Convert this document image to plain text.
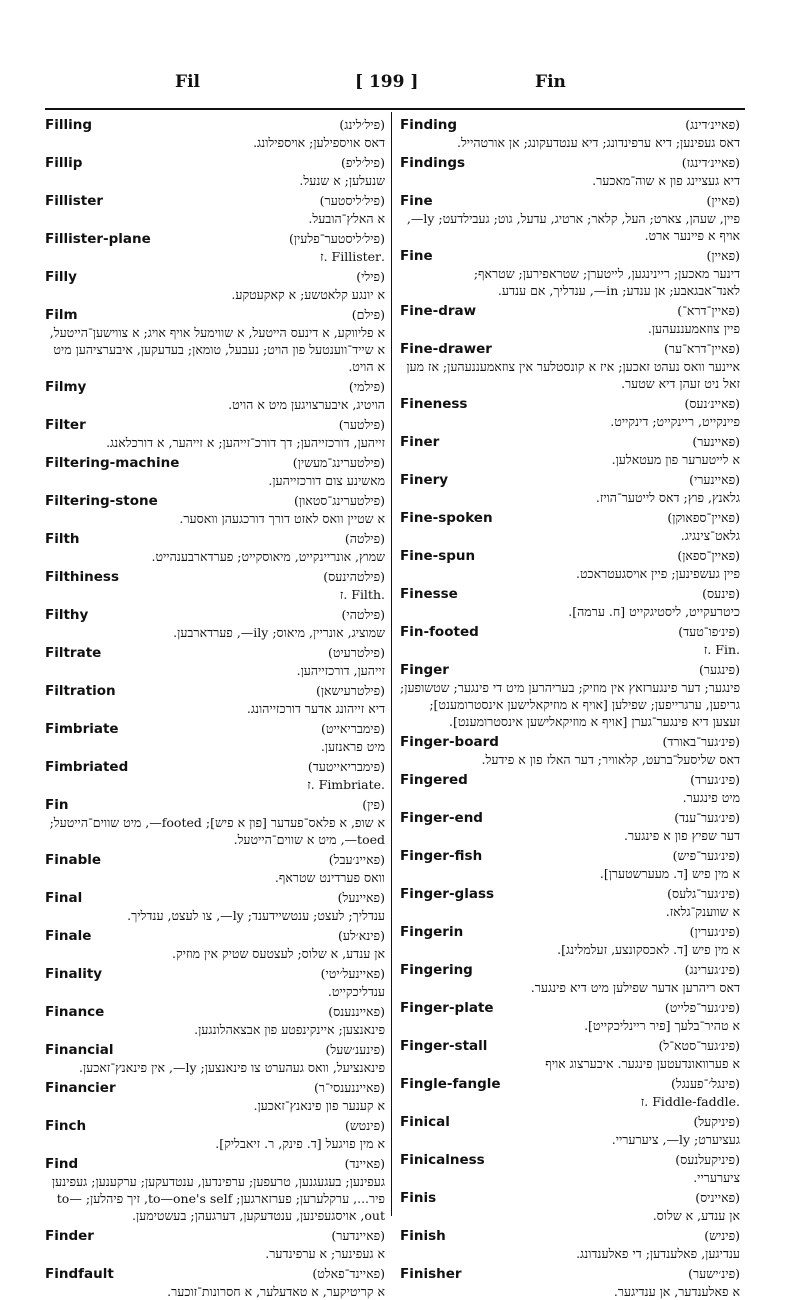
Fil	[ 199 ]	Fin
Filling	(פיל׳לינג)
דאס אויספילען; אויספילונג.
Fillip	(פיל׳ליפ)
שנעלען; א שנעל.
Fillister	(פיל׳ליסטער)
א האלץ־הובעל.
Fillister-plane	(פיל׳ליסטער־פלעין)
.Fillister .ז
Filly	(פילי)
א יונגע קלאטשע; א קאקעטקע.
Film	(פילם)
א פליווקע, א דינעס הייטעל, א שווימעל אויף אויג; א צווישען־הייטעל, א שייד־ווענטעל פון הויט; נעבעל, טומאן; בעדעקען, איבערציהען מיט א הויט.
Filmy	(פילמי)
הויטיג, איבערצויגען מיט א הויט.
Filter	(פילטער)
זייהען, דורכזייהען; דך דורכ־זייהען; א זייהער, א דורכלאנג.
Filtering-machine	(פילטערינג־מעשין)
מאשינע צום דורכזייהען.
Filtering-stone	(פילטערינג־סטאון)
א שטיין וואס לאזט דורך דורכגעהן וואסער.
Filth	(פילטה)
שמוץ, אונריינקייט, מיאוסקייט; פערדארבענהייט.
Filthiness	(פילטהינעס)
.Filth .ז
Filthy	(פילטהי)
שמוציג, אונריין, מיאוס; ily—, פערדארבען.
Filtrate	(פילטרעיט)
זייהען, דורכזייהען.
Filtration	(פילטרעישאן)
דיא זייהונג אדער דורכזייהונג.
Fimbriate	(פימבריאייט)
מיט פראנזען.
Fimbriated	(פימבריאייטעד)
.Fimbriate .ז
Fin	(פין)
א שופ, א פלאס־פעדער [פון א פיש]; footed—, מיט שווים־הייטעל; toed—, מיט א שווים־הייטעל.
Finable	(פאיינ׳עבל)
וואס פערדינט שטראף.
Final	(פאיינעל)
ענדליך; לעצט; ענטשיידענד; ly—, צו לעצט, ענדליך.
Finale	(פינא׳לע)
אן ענדע, א שלוס; לעצטעס שטיק אין מוזיק.
Finality	(פאיינעל׳יטי)
ענדליכקייט.
Finance	(פאייננענס)
פינאנצען; איינקינפטע פון אבצאהלונגען.
Financial	(פינענ׳שעל)
פינאנציעל, וואס געהערט צו פינאנצען; ly—, אין פינאנץ־זאכען.
Financier	(פאייננענסי־ר)
א קענער פון פינאנץ־זאכען.
Finch	(פינטש)
א מין פויגעל [ד. פינק, ר. זיאבליק].
Find	(פאיינד)
געפינען; בעגעגנען, טרעפען; ערפינדען, ענטדעקען; ערקענען; געפינען פיר..., ערקלערען; פערזארגען; to—one's self, זיך פיהלען; to—out, אויסגעפינען, ענטדעקען, דערגעהן; בעשטימען.
Finder	(פאיינדער)
א געפינער; א ערפינדער.
Findfault	(פאיינד־פאלט)
א קריטיקער, א טאדעלער, א חסרונות־זוכער.
Finding	(פאיינ׳דינג)
דאס געפינען; דיא ערפינדונג; דיא ענטדעקונג; אן אורטהייל.
Findings	(פאיינ׳דינגז)
דיא געציינג פון א שוה־מאכער.
Fine	(פאיין)
פיין, שעהן, צארט; העל, קלאר; ארטיג, עדעל, גוט; געבילדעט; ly—, אויף א פיינער ארט.
Fine	(פאיין)
דינער מאכען; ריינינגען, לייטערן; שטראפירען; שטראף; לאנד־אבגאבע; אן ענדע; in—, ענדליך, אם ענדע.
Fine-draw	(פאיין־דרא־)
פיין צוזאמעננעהען.
Fine-drawer	(פאיין־דרא־ער)
איינער וואס נעהט זאכען; איז א קונסטלער אין צוזאמעננעהען; אז מען זאל ניט זעהן דיא שטער.
Fineness	(פאיינ׳נעס)
פיינקייט, ריינקייט; דינקייט.
Finer	(פאיינער)
א לייטערער פון מעטאלען.
Finery	(פאיינערי)
גלאנץ, פוץ; דאס לייטער־הויז.
Fine-spoken	(פאיין־ספאוקן)
גלאט־צינגיג.
Fine-spun	(פאיין־ספאן)
פיין געשפינען; פיין אויסגעטראכט.
Finesse	(פינעס)
כיטרעקייט, ליסטיגקייט [ח. ערמה].
Fin-footed	(פינ׳פו־טעד)
.Fin .ז
Finger	(פינגער)
פינגער; דער פינגערזאץ אין מוזיק; בעריהרען מיט די פינגער; שטשופען; גריפען, ערגרייפען; שפילען [אויף א מוזיקאלישען אינסטרומענט]; זעצען דיא פינגער־גערן [אויף א מוזיקאלישען אינסטרומענט].
Finger-board	(פינ׳גער־באורד)
דאס שליסעל־ברעט, קלאוויר; דער האלז פון א פידעל.
Fingered	(פינ׳גערד)
מיט פינגער.
Finger-end	(פינ׳גער־ענד)
דער שפיץ פון א פינגער.
Finger-fish	(פינ׳גער־פיש)
א מין פיש [ד. מעערשטערן].
Finger-glass	(פינ׳גער־גלעס)
א שווענק־גלאז.
Fingerin	(פינ׳גערין)
א מין פיש [ד. לאכסקונצע, זעלמלינג].
Fingering	(פינ׳גערינג)
דאס ריהרען אדער שפילען מיט דיא פינגער.
Finger-plate	(פינ׳גער־פלייט)
א טהיר־בלעך [פיר ריינליכקייט].
Finger-stall	(פינ׳גער־סטא־ל)
א פערוואונדעטען פינגער. איבערצוג אויף
Fingle-fangle	(פינגל׳־פענגל)
.Fiddle-faddle .ז
Finical	(פיניקעל)
געציערט; ly—, ציערעריי.
Finicalness	(פיניקעלנעס)
ציערעריי.
Finis	(פאייניס)
אן ענדע, א שלוס.
Finish	(פיניש)
ענדיגען, פאלענדען; די פאלענדונג.
Finisher	(פינ׳ישער)
א פאלענדער, אן ענדיגער.
